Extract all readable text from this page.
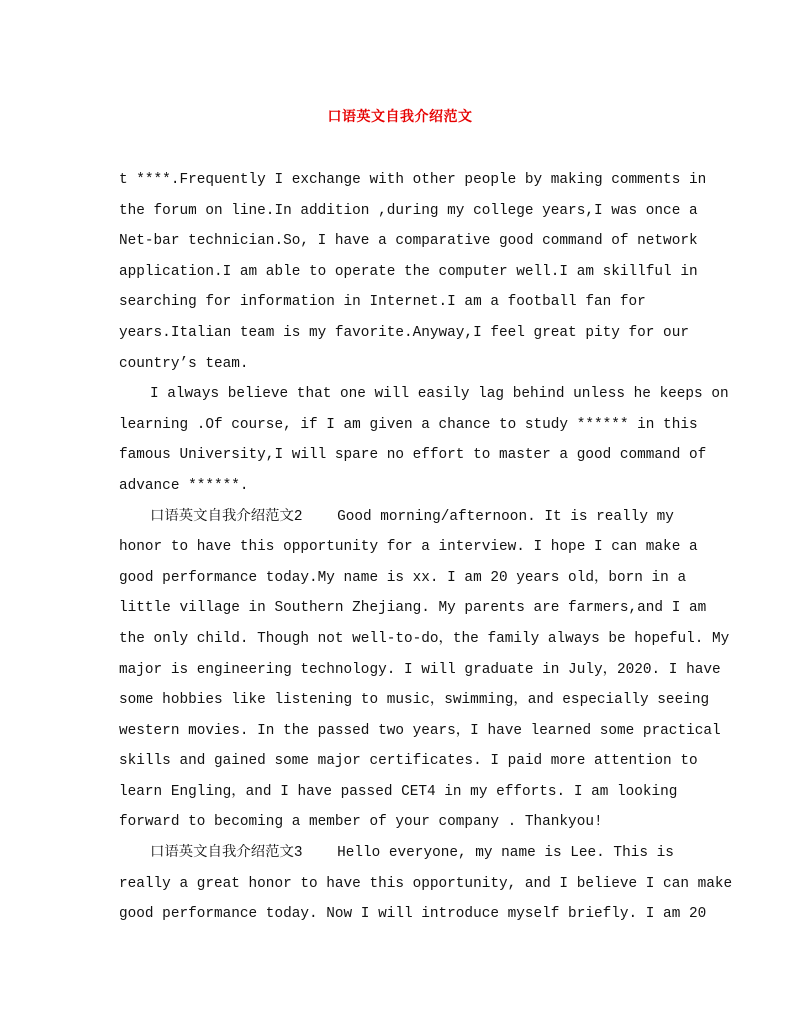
口语英文自我介绍范文
t ****.Frequently I exchange with other people by making comments in
the forum on line.In addition ,during my college years,I was once a
Net-bar technician.So, I have a comparative good command of network
application.I am able to operate the computer well.I am skillful in
searching for information in Internet.I am a football fan for
years.Italian team is my favorite.Anyway,I feel great pity for our
country’s team.
I always believe that one will easily lag behind unless he keeps on
learning .Of course, if I am given a chance to study ****** in this
famous University,I will spare no effort to master a good command of
advance ******.
口语英文自我介绍范文2    Good morning/afternoon. It is really my
honor to have this opportunity for a interview. I hope I can make a
good performance today.My name is xx. I am 20 years old，born in a
little village in Southern Zhejiang. My parents are farmers,and I am
the only child. Though not well-to-do，the family always be hopeful. My
major is engineering technology. I will graduate in July，2020. I have
some hobbies like listening to music，swimming，and especially seeing
western movies. In the passed two years，I have learned some practical
skills and gained some major certificates. I paid more attention to
learn Engling，and I have passed CET4 in my efforts. I am looking
forward to becoming a member of your company . Thankyou!
口语英文自我介绍范文3    Hello everyone, my name is Lee. This is
really a great honor to have this opportunity, and I believe I can make
good performance today. Now I will introduce myself briefly. I am 20
